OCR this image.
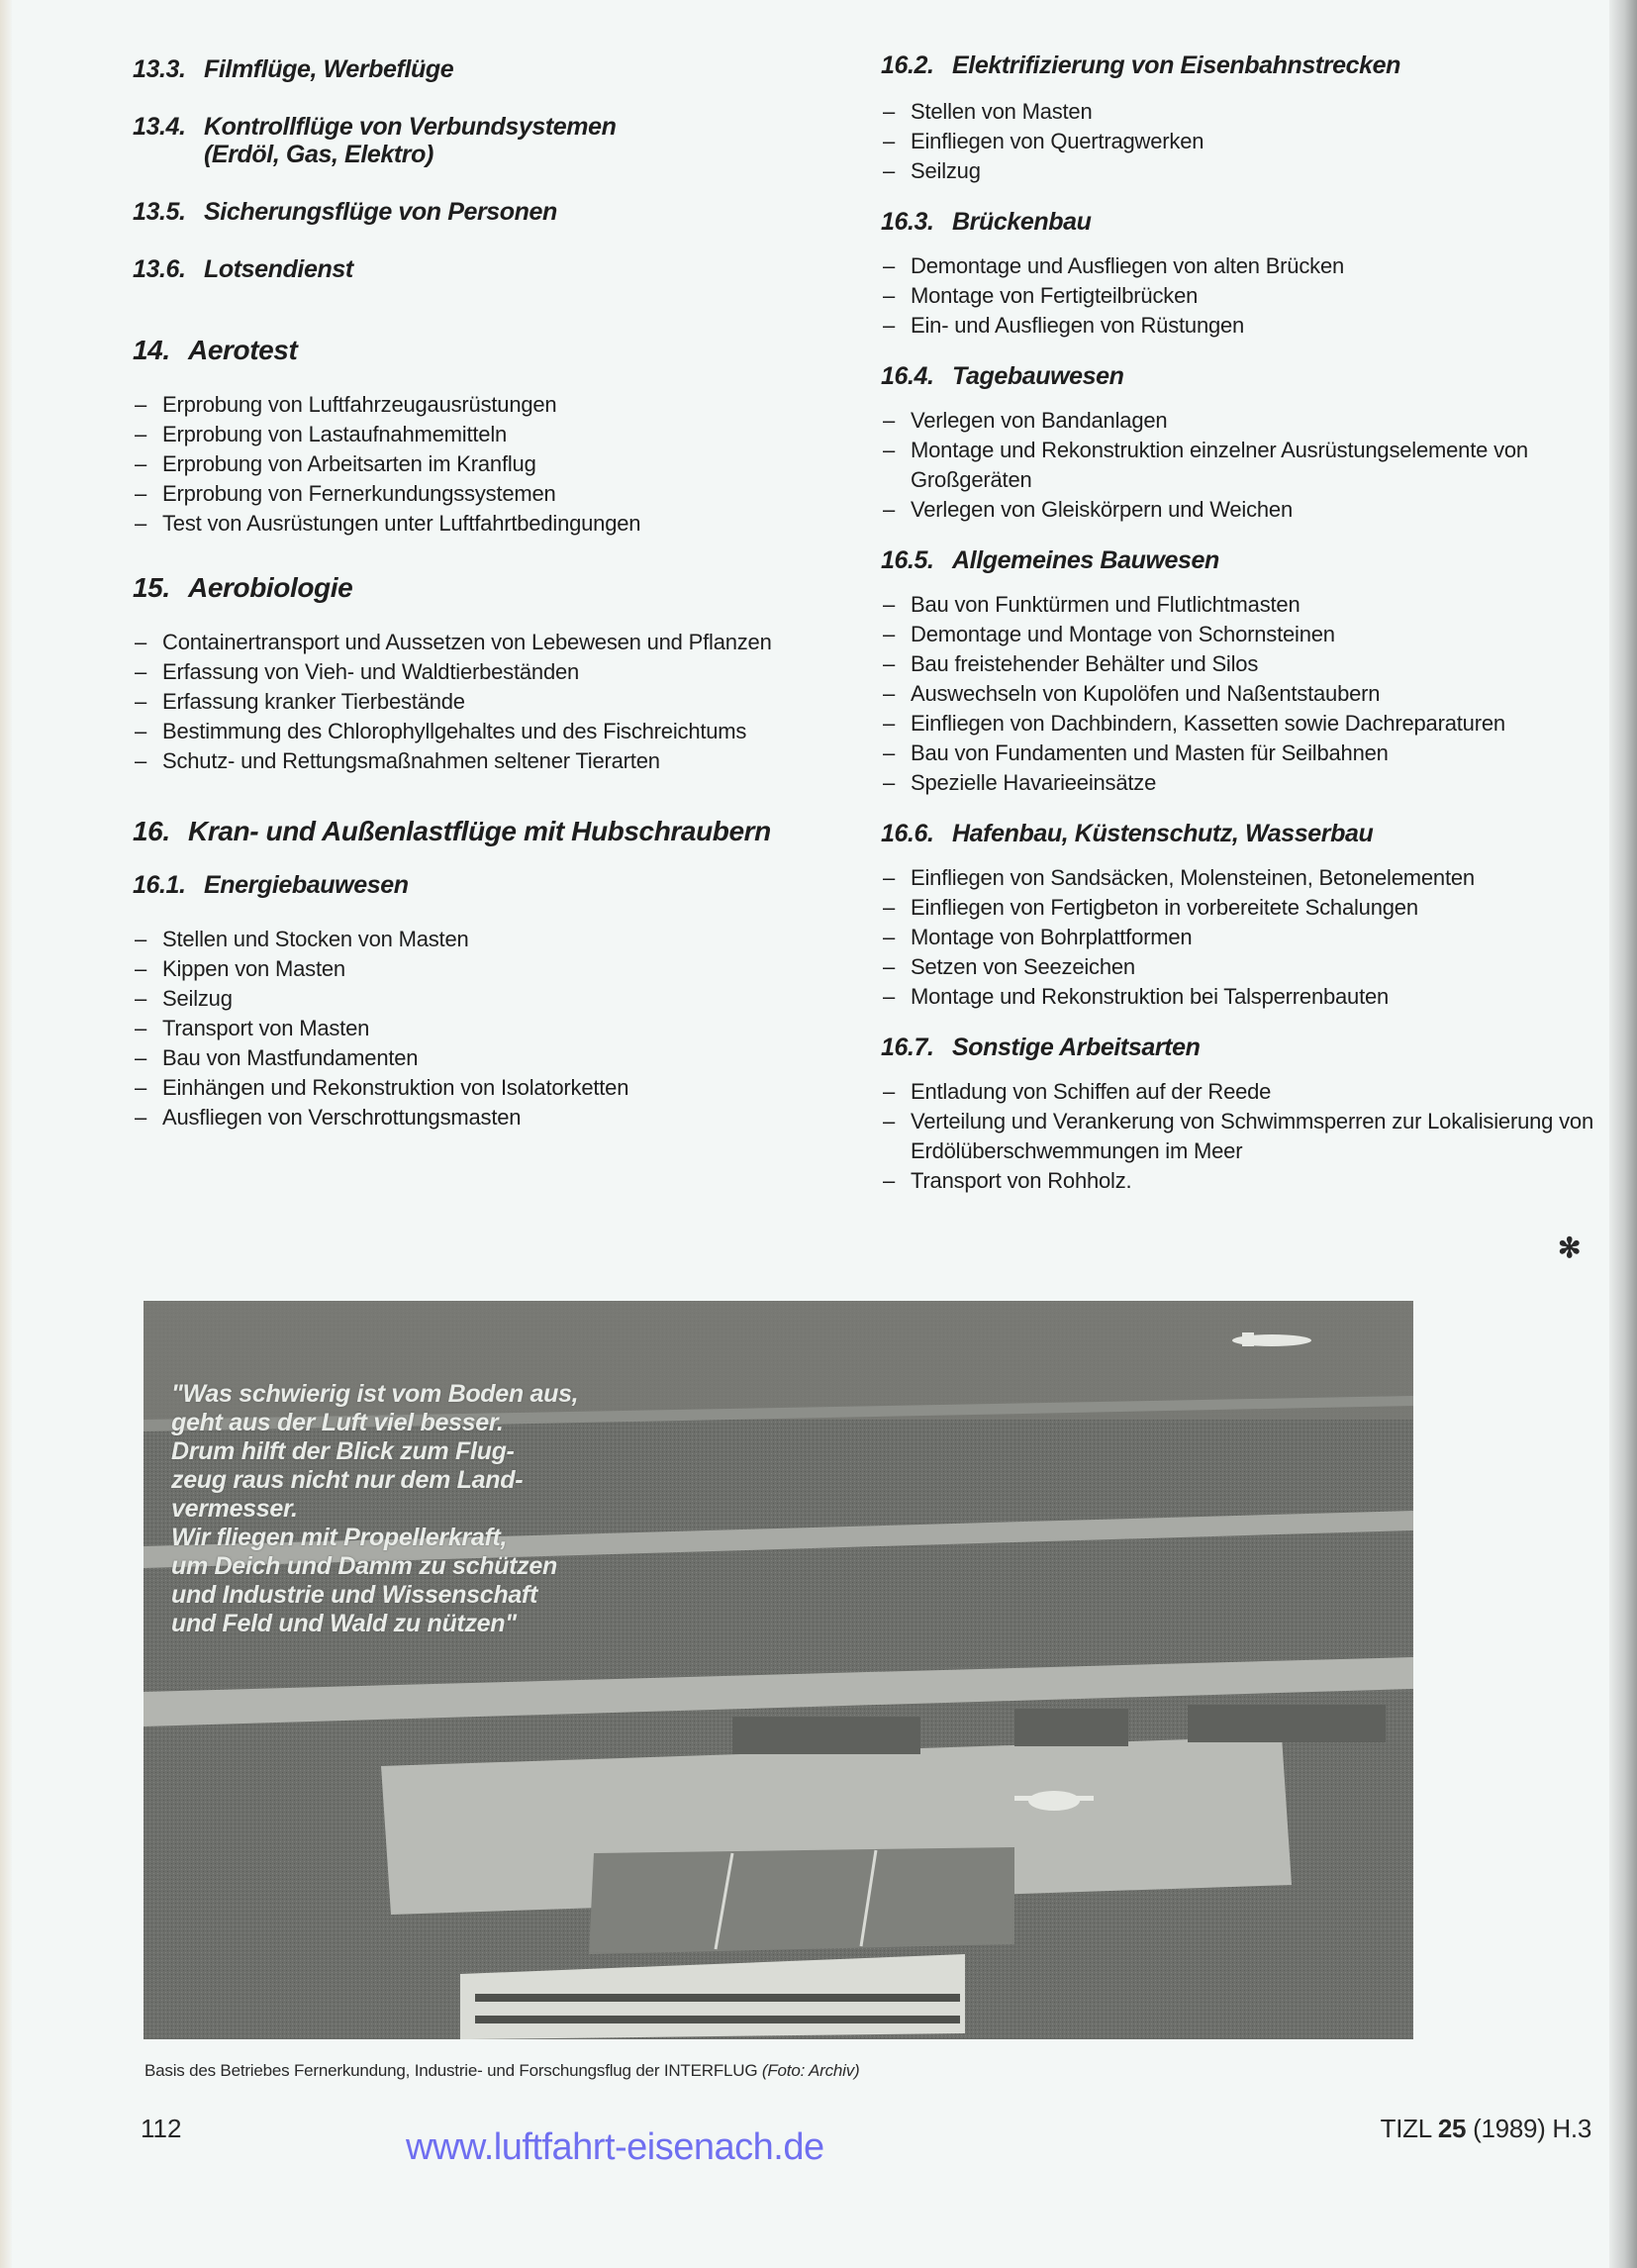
13.3. Filmflüge, Werbeflüge
13.4. Kontrollflüge von Verbundsystemen
(Erdöl, Gas, Elektro)
13.5. Sicherungsflüge von Personen
13.6. Lotsendienst
14. Aerotest
– Erprobung von Luftfahrzeugausrüstungen
– Erprobung von Lastaufnahmemitteln
– Erprobung von Arbeitsarten im Kranflug
– Erprobung von Fernerkundungssystemen
– Test von Ausrüstungen unter Luftfahrtbedingungen
15. Aerobiologie
– Containertransport und Aussetzen von Lebewesen und Pflanzen
– Erfassung von Vieh- und Waldtierbeständen
– Erfassung kranker Tierbestände
– Bestimmung des Chlorophyllgehaltes und des Fischreichtums
– Schutz- und Rettungsmaßnahmen seltener Tierarten
16. Kran- und Außenlastflüge mit Hubschraubern
16.1. Energiebauwesen
– Stellen und Stocken von Masten
– Kippen von Masten
– Seilzug
– Transport von Masten
– Bau von Mastfundamenten
– Einhängen und Rekonstruktion von Isolatorketten
– Ausfliegen von Verschrottungsmasten
16.2. Elektrifizierung von Eisenbahnstrecken
– Stellen von Masten
– Einfliegen von Quertragwerken
– Seilzug
16.3. Brückenbau
– Demontage und Ausfliegen von alten Brücken
– Montage von Fertigteilbrücken
– Ein- und Ausfliegen von Rüstungen
16.4. Tagebauwesen
– Verlegen von Bandanlagen
– Montage und Rekonstruktion einzelner Ausrüstungselemente von Großgeräten
– Verlegen von Gleiskörpern und Weichen
16.5. Allgemeines Bauwesen
– Bau von Funktürmen und Flutlichtmasten
– Demontage und Montage von Schornsteinen
– Bau freistehender Behälter und Silos
– Auswechseln von Kupolöfen und Naßentstaubern
– Einfliegen von Dachbindern, Kassetten sowie Dachreparaturen
– Bau von Fundamenten und Masten für Seilbahnen
– Spezielle Havarieeinsätze
16.6. Hafenbau, Küstenschutz, Wasserbau
– Einfliegen von Sandsäcken, Molensteinen, Betonelementen
– Einfliegen von Fertigbeton in vorbereitete Schalungen
– Montage von Bohrplattformen
– Setzen von Seezeichen
– Montage und Rekonstruktion bei Talsperrenbauten
16.7. Sonstige Arbeitsarten
– Entladung von Schiffen auf der Reede
– Verteilung und Verankerung von Schwimmsperren zur Lokalisierung von Erdölüberschwemmungen im Meer
– Transport von Rohholz.
✻
"Was schwierig ist vom Boden aus,
geht aus der Luft viel besser.
Drum hilft der Blick zum Flug-
zeug raus nicht nur dem Land-
vermesser.
Wir fliegen mit Propellerkraft,
um Deich und Damm zu schützen
und Industrie und Wissenschaft
und Feld und Wald zu nützen"
Basis des Betriebes Fernerkundung, Industrie- und Forschungsflug der INTERFLUG (Foto: Archiv)
112	www.luftfahrt-eisenach.de	TIZL 25 (1989) H.3
